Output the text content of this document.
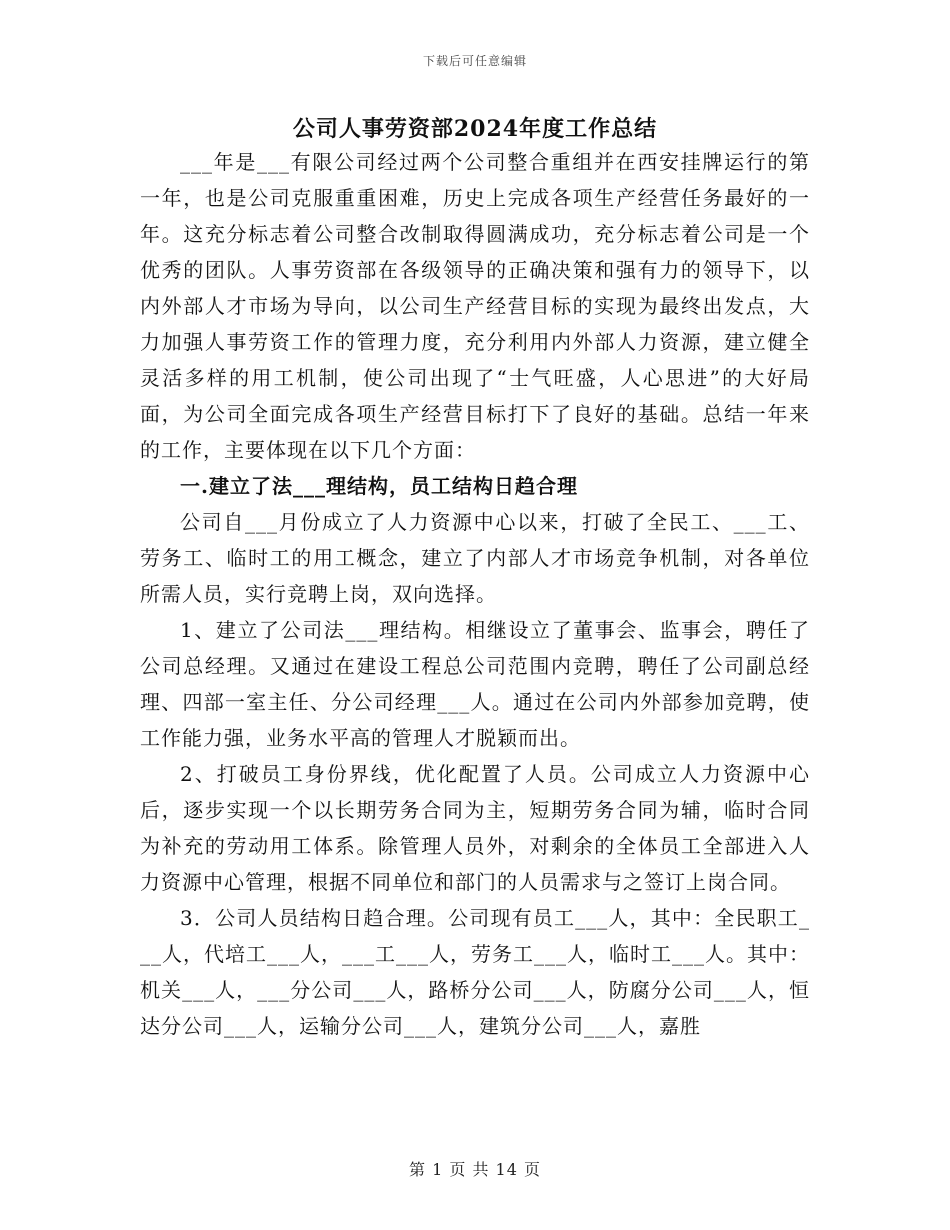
下载后可任意编辑
公司人事劳资部2024年度工作总结

___年是___有限公司经过两个公司整合重组并在西安挂牌运行的第一年，也是公司克服重重困难，历史上完成各项生产经营任务最好的一年。这充分标志着公司整合改制取得圆满成功，充分标志着公司是一个优秀的团队。人事劳资部在各级领导的正确决策和强有力的领导下，以内外部人才市场为导向，以公司生产经营目标的实现为最终出发点，大力加强人事劳资工作的管理力度，充分利用内外部人力资源，建立健全灵活多样的用工机制，使公司出现了“士气旺盛，人心思进”的大好局面，为公司全面完成各项生产经营目标打下了良好的基础。总结一年来的工作，主要体现在以下几个方面：

一.建立了法___理结构，员工结构日趋合理

公司自___月份成立了人力资源中心以来，打破了全民工、___工、劳务工、临时工的用工概念，建立了内部人才市场竞争机制，对各单位所需人员，实行竞聘上岗，双向选择。

1、建立了公司法___理结构。相继设立了董事会、监事会，聘任了公司总经理。又通过在建设工程总公司范围内竞聘，聘任了公司副总经理、四部一室主任、分公司经理___人。通过在公司内外部参加竞聘，使工作能力强，业务水平高的管理人才脱颖而出。

2、打破员工身份界线，优化配置了人员。公司成立人力资源中心后，逐步实现一个以长期劳务合同为主，短期劳务合同为辅，临时合同为补充的劳动用工体系。除管理人员外，对剩余的全体员工全部进入人力资源中心管理，根据不同单位和部门的人员需求与之签订上岗合同。

3．公司人员结构日趋合理。公司现有员工___人，其中：全民职工___人，代培工___人，___工___人，劳务工___人，临时工___人。其中：机关___人，___分公司___人，路桥分公司___人，防腐分公司___人，恒达分公司___人，运输分公司___人，建筑分公司___人，嘉胜

第 1 页 共 14 页
